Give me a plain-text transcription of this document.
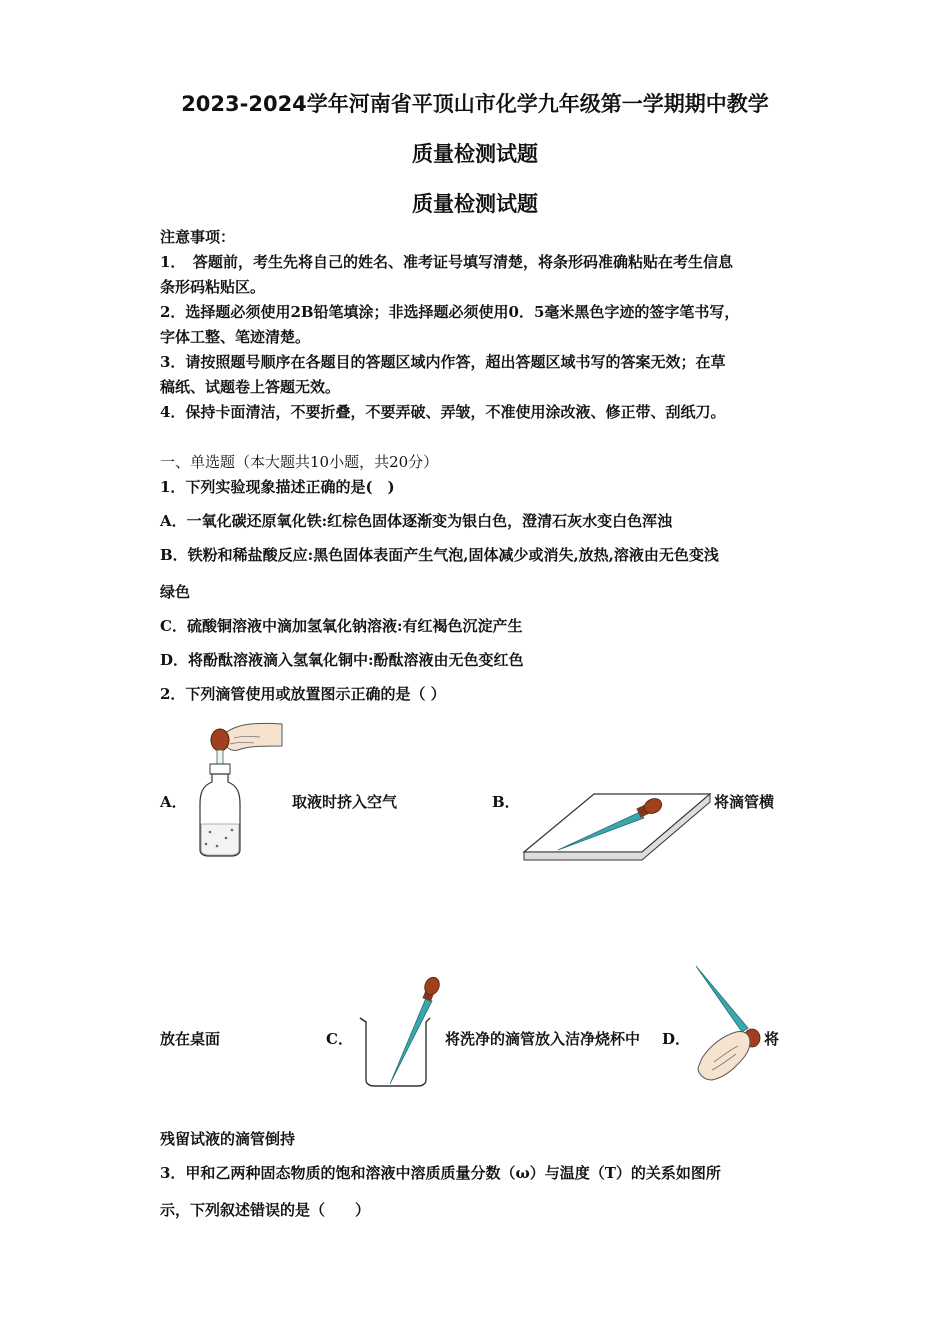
2023-2024学年河南省平顶山市化学九年级第一学期期中教学
质量检测试题
质量检测试题
注意事项：
1．　答题前，考生先将自己的姓名、准考证号填写清楚，将条形码准确粘贴在考生信息
条形码粘贴区。
2．选择题必须使用2B铅笔填涂；非选择题必须使用0．5毫米黑色字迹的签字笔书写，
字体工整、笔迹清楚。
3．请按照题号顺序在各题目的答题区域内作答，超出答题区域书写的答案无效；在草
稿纸、试题卷上答题无效。
4．保持卡面清洁，不要折叠，不要弄破、弄皱，不准使用涂改液、修正带、刮纸刀。
一、单选题（本大题共10小题，共20分）
1．下列实验现象描述正确的是(　)
A．一氧化碳还原氧化铁:红棕色固体逐渐变为银白色，澄清石灰水变白色浑浊
B．铁粉和稀盐酸反应:黑色固体表面产生气泡,固体减少或消失,放热,溶液由无色变浅
绿色
C．硫酸铜溶液中滴加氢氧化钠溶液:有红褐色沉淀产生
D．将酚酞溶液滴入氢氧化铜中:酚酞溶液由无色变红色
2．下列滴管使用或放置图示正确的是（ ）
A．	取液时挤入空气	B．	将滴管横
放在桌面	C．	将洗净的滴管放入洁净烧杯中 D．	将
残留试液的滴管倒持
3．甲和乙两种固态物质的饱和溶液中溶质质量分数（ω）与温度（T）的关系如图所
示，下列叙述错误的是（　　）
